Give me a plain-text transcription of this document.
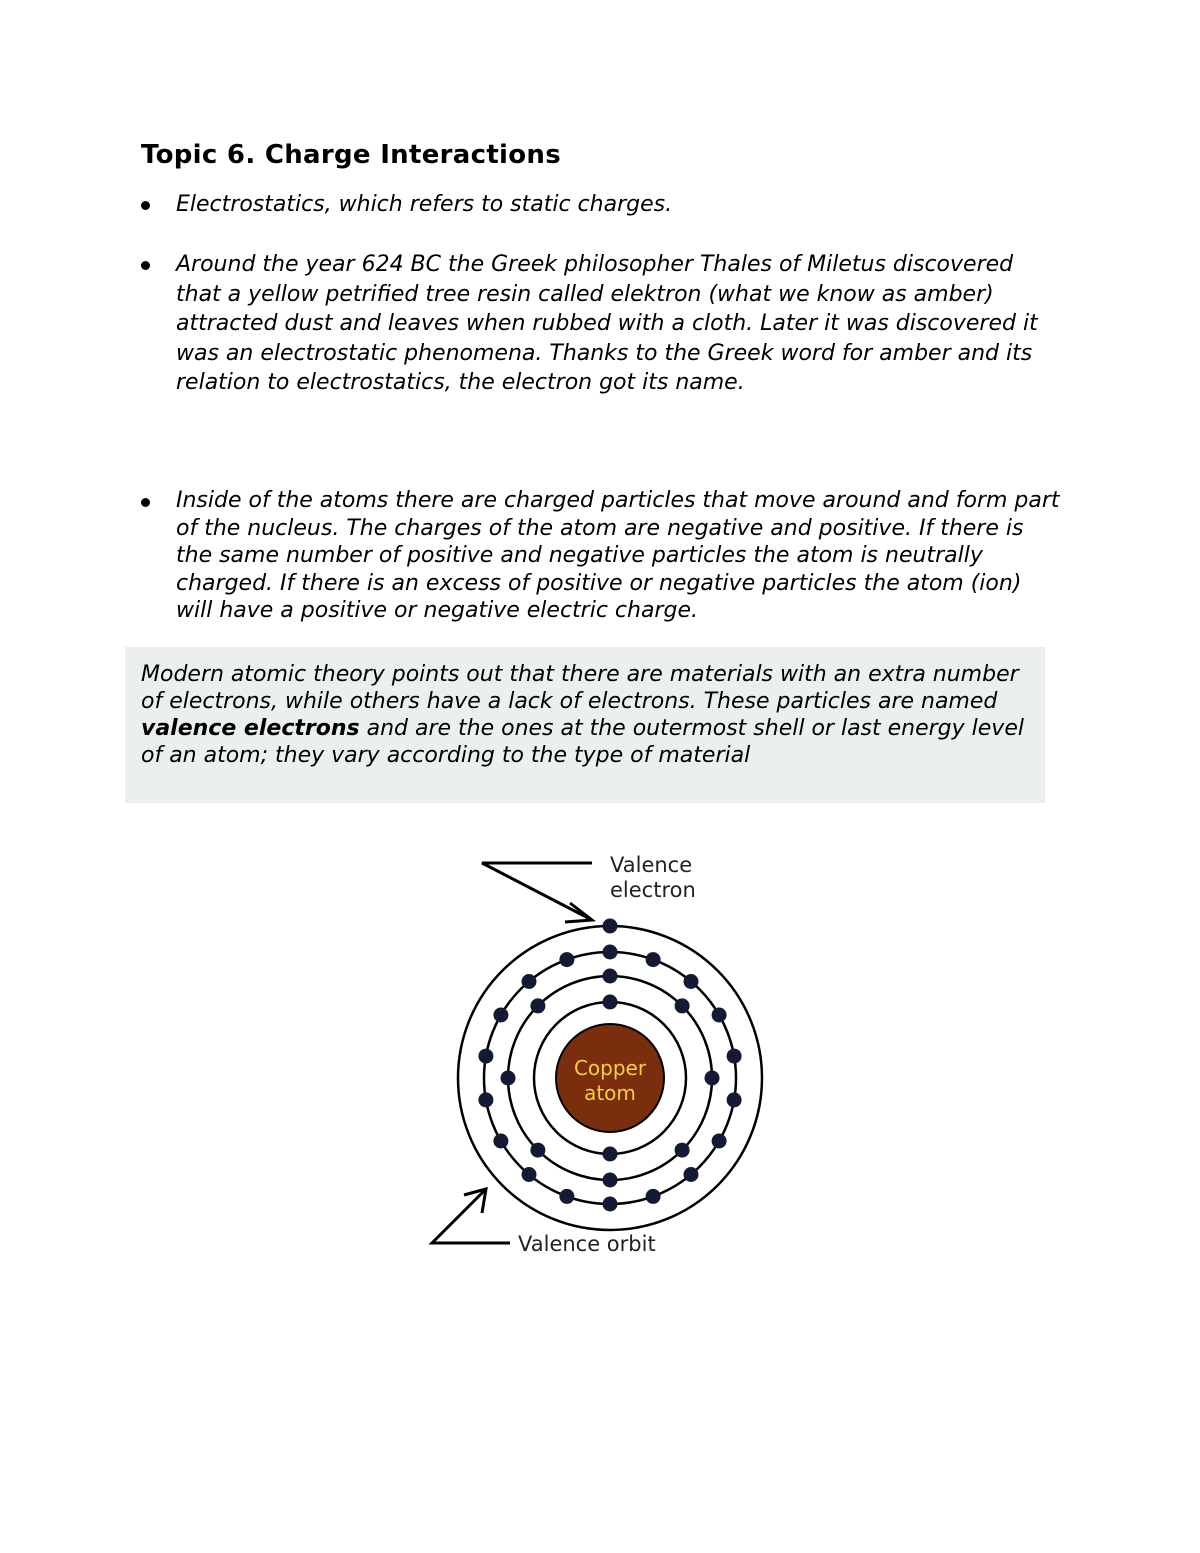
Topic 6. Charge Interactions
Electrostatics, which refers to static charges.
Around the year 624 BC the Greek philosopher Thales of Miletus discovered that a yellow petrified tree resin called elektron (what we know as amber) attracted dust and leaves when rubbed with a cloth. Later it was discovered it was an electrostatic phenomena. Thanks to the Greek word for amber and its relation to electrostatics, the electron got its name.
Inside of the atoms there are charged particles that move around and form part of the nucleus. The charges of the atom are negative and positive. If there is the same number of positive and negative particles the atom is neutrally charged. If there is an excess of positive or negative particles the atom (ion) will have a positive or negative electric charge.
Modern atomic theory points out that there are materials with an extra number of electrons, while others have a lack of electrons. These particles are named valence electrons and are the ones at the outermost shell or last energy level of an atom; they vary according to the type of material
Copper
atom
Valence
electron
Valence orbit
